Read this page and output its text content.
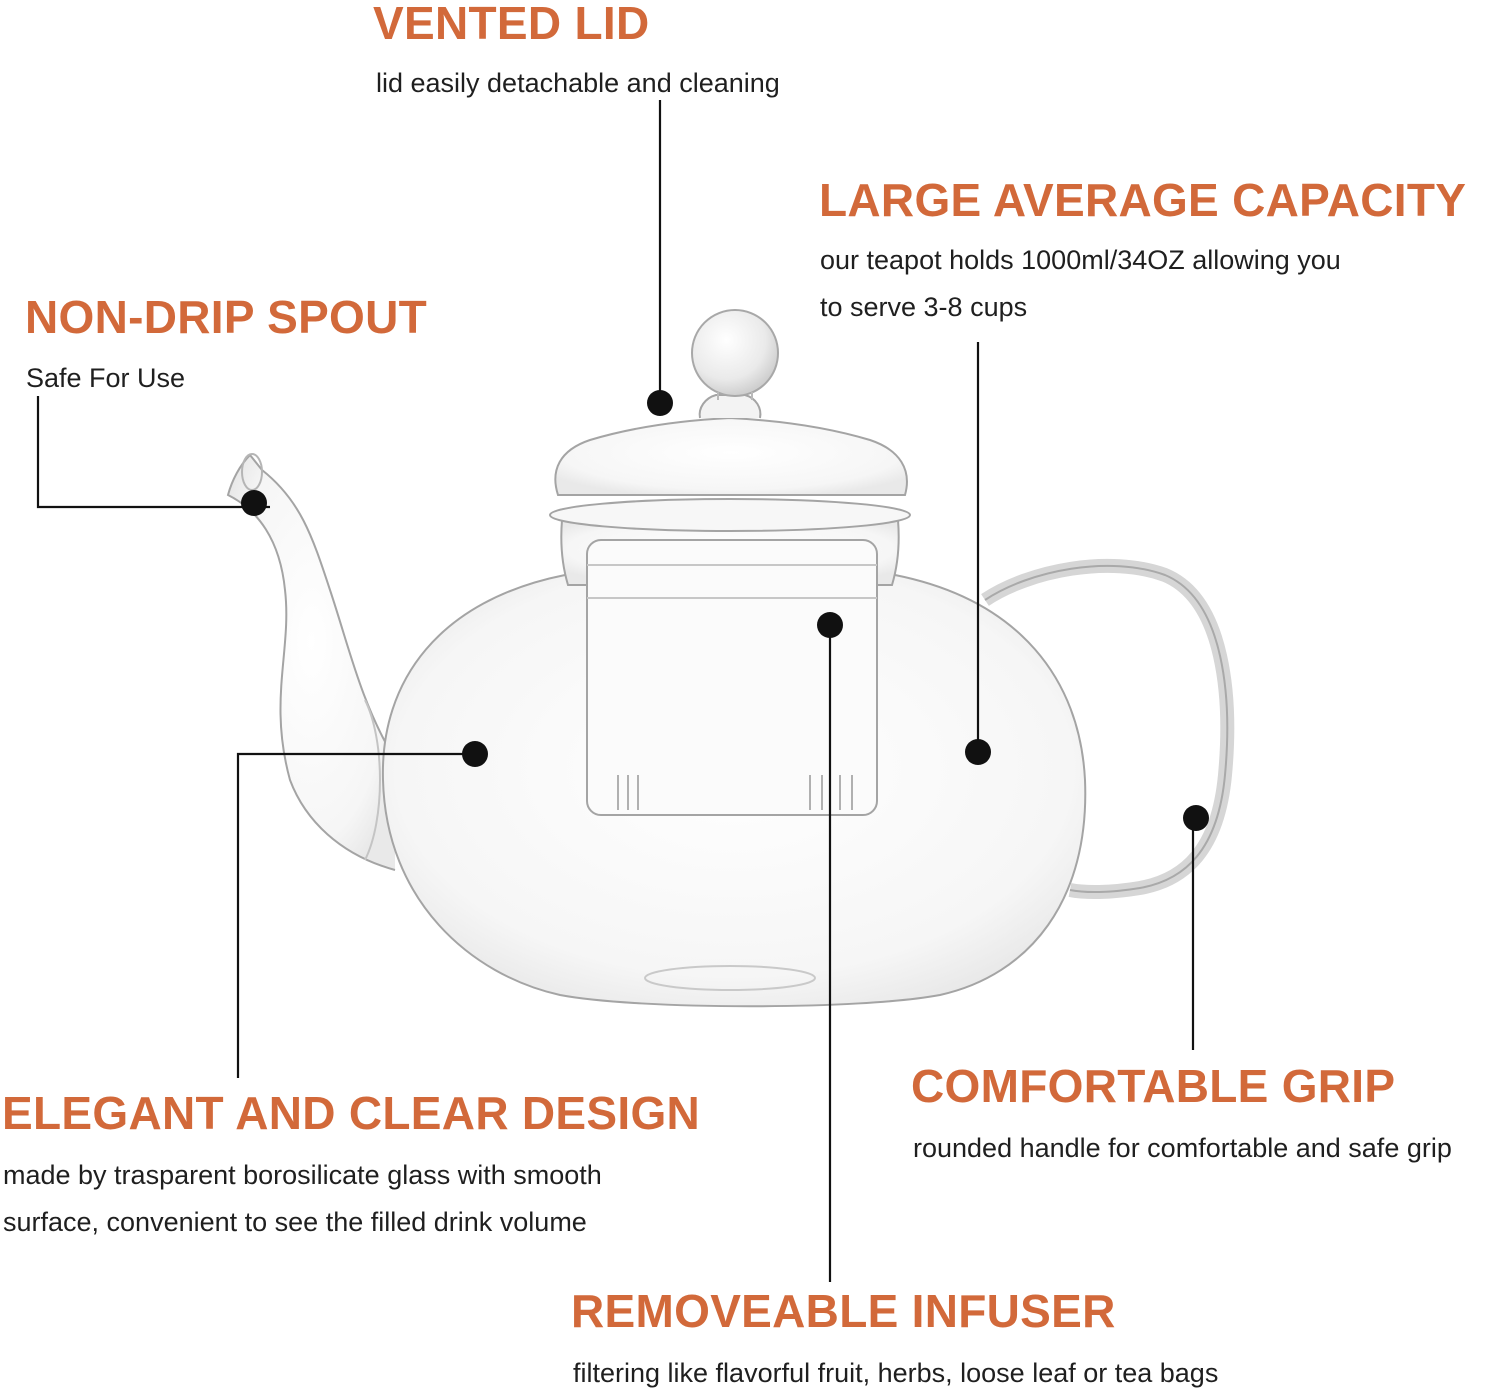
VENTED LID

lid easily detachable and cleaning

LARGE AVERAGE CAPACITY

our teapot holds 1000ml/34OZ allowing you
to serve 3-8 cups

NON-DRIP SPOUT

Safe For Use

ELEGANT AND CLEAR DESIGN

made by trasparent borosilicate glass with smooth
surface, convenient to see the filled drink volume

COMFORTABLE GRIP

rounded handle for comfortable and safe grip

REMOVEABLE INFUSER

filtering like flavorful fruit, herbs, loose leaf or tea bags
